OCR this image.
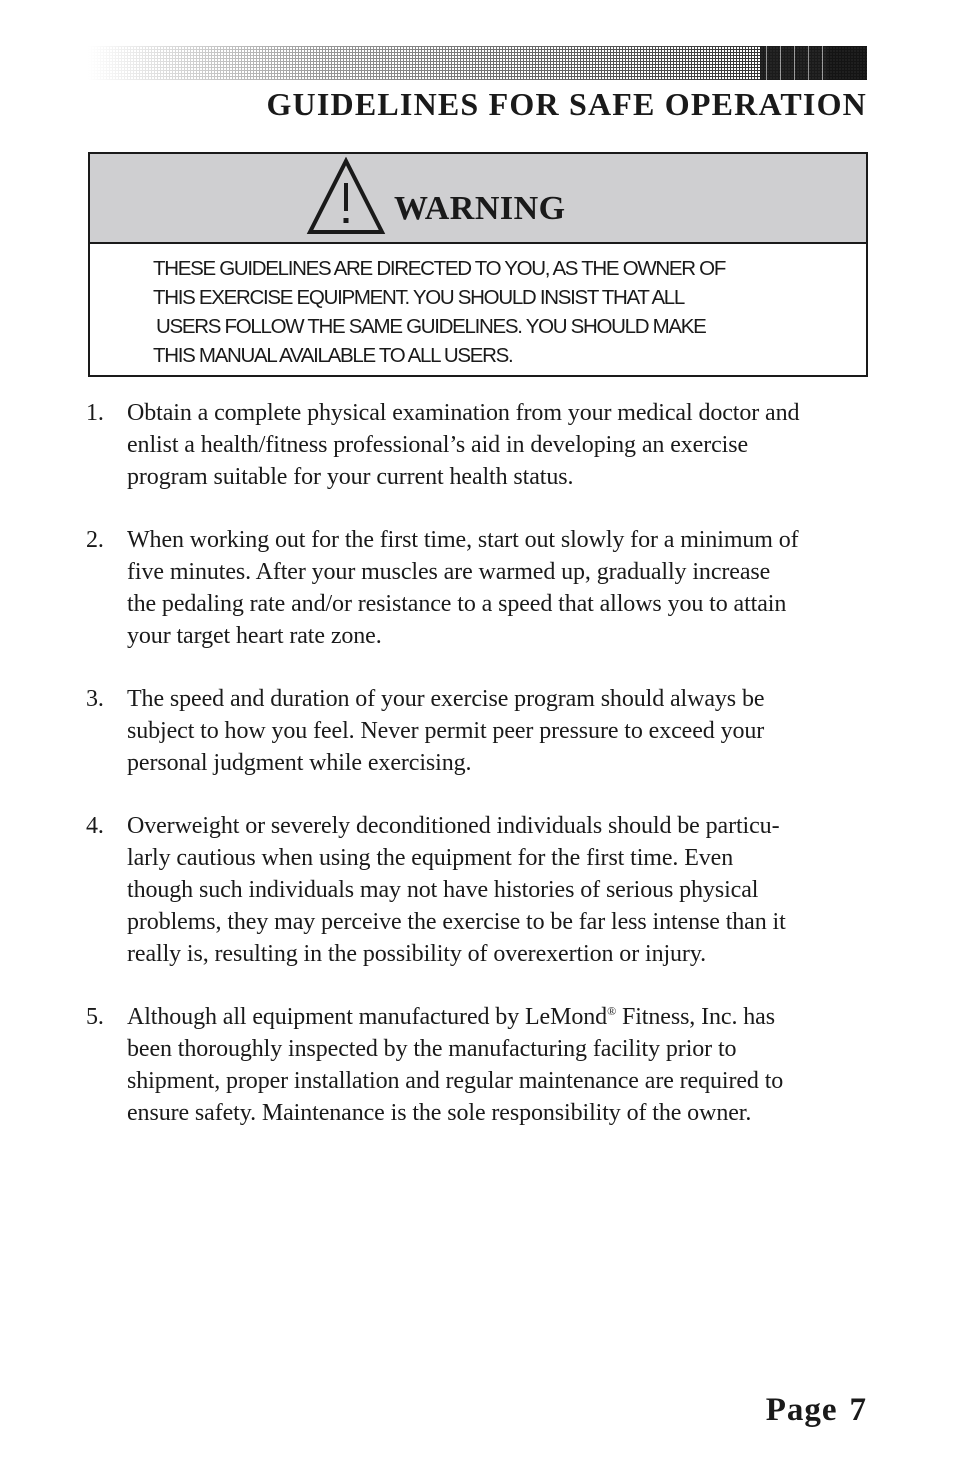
GUIDELINES FOR SAFE OPERATION
WARNING
THESE GUIDELINES ARE DIRECTED TO YOU, AS THE OWNER OF
THIS EXERCISE EQUIPMENT. YOU SHOULD INSIST THAT ALL
USERS FOLLOW THE SAME GUIDELINES. YOU SHOULD MAKE
THIS MANUAL AVAILABLE TO ALL USERS.
1. Obtain a complete physical examination from your medical doctor and
enlist a health/fitness professional’s aid in developing an exercise
program suitable for your current health status.
2. When working out for the first time, start out slowly for a minimum of
five minutes. After your muscles are warmed up, gradually increase
the pedaling rate and/or resistance to a speed that allows you to attain
your target heart rate zone.
3. The speed and duration of your exercise program should always be
subject to how you feel. Never permit peer pressure to exceed your
personal judgment while exercising.
4. Overweight or severely deconditioned individuals should be particu-
larly cautious when using the equipment for the first time. Even
though such individuals may not have histories of serious physical
problems, they may perceive the exercise to be far less intense than it
really is, resulting in the possibility of overexertion or injury.
5. Although all equipment manufactured by LeMond® Fitness, Inc. has
been thoroughly inspected by the manufacturing facility prior to
shipment, proper installation and regular maintenance are required to
ensure safety. Maintenance is the sole responsibility of the owner.
Page 7
